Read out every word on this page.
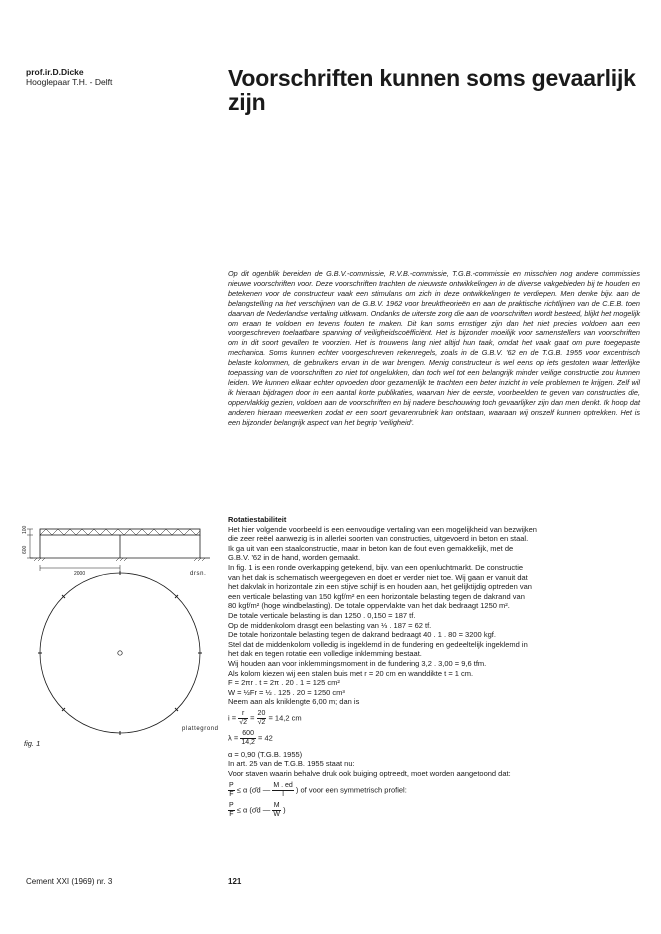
prof.ir.D.Dicke
Hooglераar T.H. - Delft	Voorschriften kunnen soms gevaarlijk zijn

Op dit ogenblik bereiden de G.B.V.-commissie, R.V.B.-commissie, T.G.B.-commissie en misschien nog andere commissies nieuwe voorschriften voor. Deze voorschriften trachten de nieuwste ontwikkelingen in de diverse vakgebieden bij te houden en betekenen voor de constructeur vaak een stimulans om zich in deze ontwikkelingen te verdiepen. Men denke bijv. aan de belangstelling na het verschijnen van de G.B.V. 1962 voor breuktheorieën en aan de praktische richtlijnen van de C.E.B. toen daarvan de Nederlandse vertaling uitkwam. Ondanks de uiterste zorg die aan de voorschriften wordt besteed, blijkt het mogelijk om eraan te voldoen en tevens fouten te maken. Dit kan soms ernstiger zijn dan het niet precies voldoen aan een voorgeschreven toelaatbare spanning of veiligheidscoëfficiënt. Het is bijzonder moeilijk voor samenstellers van voorschriften om in dit soort gevallen te voorzien. Het is trouwens lang niet altijd hun taak, omdat het vaak gaat om pure toegepaste mechanica. Soms kunnen echter voorgeschreven rekenregels, zoals in de G.B.V. '62 en de T.G.B. 1955 voor excentrisch belaste kolommen, de gebruikers ervan in de war brengen. Menig constructeur is wel eens op iets gestoten waar letterlijke toepassing van de voorschriften zo niet tot ongelukken, dan toch wel tot een belangrijk minder veilige constructie zou kunnen leiden. We kunnen elkaar echter opvoeden door gezamenlijk te trachten een beter inzicht in vele problemen te krijgen. Zelf wil ik hieraan bijdragen door in een aantal korte publikaties, waarvan hier de eerste, voorbeelden te geven van constructies die, oppervlakkig gezien, voldoen aan de voorschriften en bij nadere beschouwing toch gevaarlijker zijn dan men denkt. Ik hoop dat anderen hieraan meewerken zodat er een soort gevarenrubriek kan ontstaan, waaraan wij onszelf kunnen optrekken. Het is een bijzonder belangrijk aspect van het begrip 'veiligheid'.

Rotatiestabiliteit
Het hier volgende voorbeeld is een eenvoudige vertaling van een mogelijkheid van bezwijken
die zeer reëel aanwezig is in allerlei soorten van constructies, uitgevoerd in beton en staal.
Ik ga uit van een staalconstructie, maar in beton kan de fout even gemakkelijk, met de
G.B.V. '62 in de hand, worden gemaakt.
In fig. 1 is een ronde overkapping getekend, bijv. van een openluchtmarkt. De constructie
van het dak is schematisch weergegeven en doet er verder niet toe. Wij gaan er vanuit dat
het dakvlak in horizontale zin een stijve schijf is en houden aan, het gelijktijdig optreden van
een verticale belasting van 150 kgf/m² en een horizontale belasting tegen de dakrand van
80 kgf/m² (hoge windbelasting). De totale oppervlakte van het dak bedraagt 1250 m².
De totale verticale belasting is dan 1250 . 0,150 = 187 tf.
Op de middenkolom drasgt een belasting van ⅓ . 187 = 62 tf.
De totale horizontale belasting tegen de dakrand bedraagt 40 . 1 . 80 = 3200 kgf.
Stel dat de middenkolom volledig is ingeklemd in de fundering en gedeeltelijk ingeklemd in
het dak en tegen rotatie een volledige inklemming bestaat.
Wij houden aan voor inklemmingsmoment in de fundering 3,2 . 3,00 = 9,6 tfm.
Als kolom kiezen wij een stalen buis met r = 20 cm en wanddikte t = 1 cm.
F = 2πr . t = 2π . 20 . 1 = 125 cm²
W = ½Fr = ½ . 125 . 20 = 1250 cm³
Neem aan als kniklengte 6,00 m; dan is
$i = \frac{r}{√2} = \frac{20}{√2} = 14,2$ cm
$\lambda = \frac{600}{14,2} = 42$
α = 0,90 (T.G.B. 1955)
In art. 25 van de T.G.B. 1955 staat nu:
Voor staven waarin behalve druk ook buiging optreedt, moet worden aangetoond dat:
$\frac{P}{F} \le \alpha$ (σ̄d — $\frac{M . ed}{I}$ ) of voor een symmetrisch profiel:
$\frac{P}{F} \le \alpha$ (σ̄d — $\frac{M}{W}$ )
600
100
2000	drsn.
plattegrond
fig. 1
Cement XXI (1969) nr. 3	121
